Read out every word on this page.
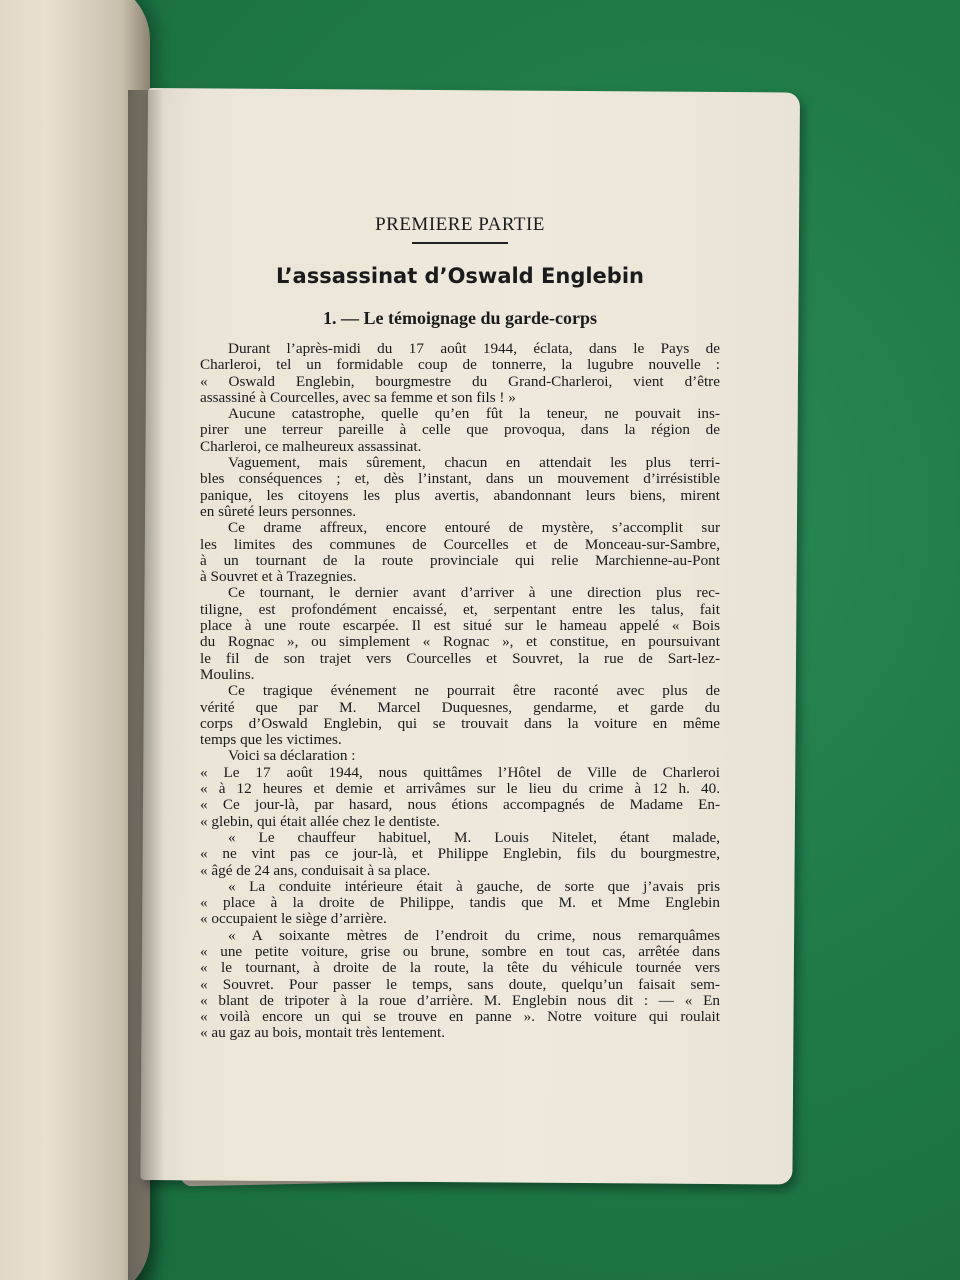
PREMIERE PARTIE
L’assassinat d’Oswald Englebin
1. — Le témoignage du garde-corps

Durant l’après-midi du 17 août 1944, éclata, dans le Pays de
Charleroi, tel un formidable coup de tonnerre, la lugubre nouvelle :
« Oswald Englebin, bourgmestre du Grand-Charleroi, vient d’être
assassiné à Courcelles, avec sa femme et son fils ! »

Aucune catastrophe, quelle qu’en fût la teneur, ne pouvait ins-
pirer une terreur pareille à celle que provoqua, dans la région de
Charleroi, ce malheureux assassinat.

Vaguement, mais sûrement, chacun en attendait les plus terri-
bles conséquences ; et, dès l’instant, dans un mouvement d’irrésistible
panique, les citoyens les plus avertis, abandonnant leurs biens, mirent
en sûreté leurs personnes.

Ce drame affreux, encore entouré de mystère, s’accomplit sur
les limites des communes de Courcelles et de Monceau-sur-Sambre,
à un tournant de la route provinciale qui relie Marchienne-au-Pont
à Souvret et à Trazegnies.

Ce tournant, le dernier avant d’arriver à une direction plus rec-
tiligne, est profondément encaissé, et, serpentant entre les talus, fait
place à une route escarpée. Il est situé sur le hameau appelé « Bois
du Rognac », ou simplement « Rognac », et constitue, en poursuivant
le fil de son trajet vers Courcelles et Souvret, la rue de Sart-lez-
Moulins.

Ce tragique événement ne pourrait être raconté avec plus de
vérité que par M. Marcel Duquesnes, gendarme, et garde du
corps d’Oswald Englebin, qui se trouvait dans la voiture en même
temps que les victimes.

Voici sa déclaration :

« Le 17 août 1944, nous quittâmes l’Hôtel de Ville de Charleroi
« à 12 heures et demie et arrivâmes sur le lieu du crime à 12 h. 40.
« Ce jour-là, par hasard, nous étions accompagnés de Madame En-
« glebin, qui était allée chez le dentiste.

« Le chauffeur habituel, M. Louis Nitelet, étant malade,
« ne vint pas ce jour-là, et Philippe Englebin, fils du bourgmestre,
« âgé de 24 ans, conduisait à sa place.

« La conduite intérieure était à gauche, de sorte que j’avais pris
« place à la droite de Philippe, tandis que M. et Mme Englebin
« occupaient le siège d’arrière.

« A soixante mètres de l’endroit du crime, nous remarquâmes
« une petite voiture, grise ou brune, sombre en tout cas, arrêtée dans
« le tournant, à droite de la route, la tête du véhicule tournée vers
« Souvret. Pour passer le temps, sans doute, quelqu’un faisait sem-
« blant de tripoter à la roue d’arrière. M. Englebin nous dit : — « En
« voilà encore un qui se trouve en panne ». Notre voiture qui roulait
« au gaz au bois, montait très lentement.
